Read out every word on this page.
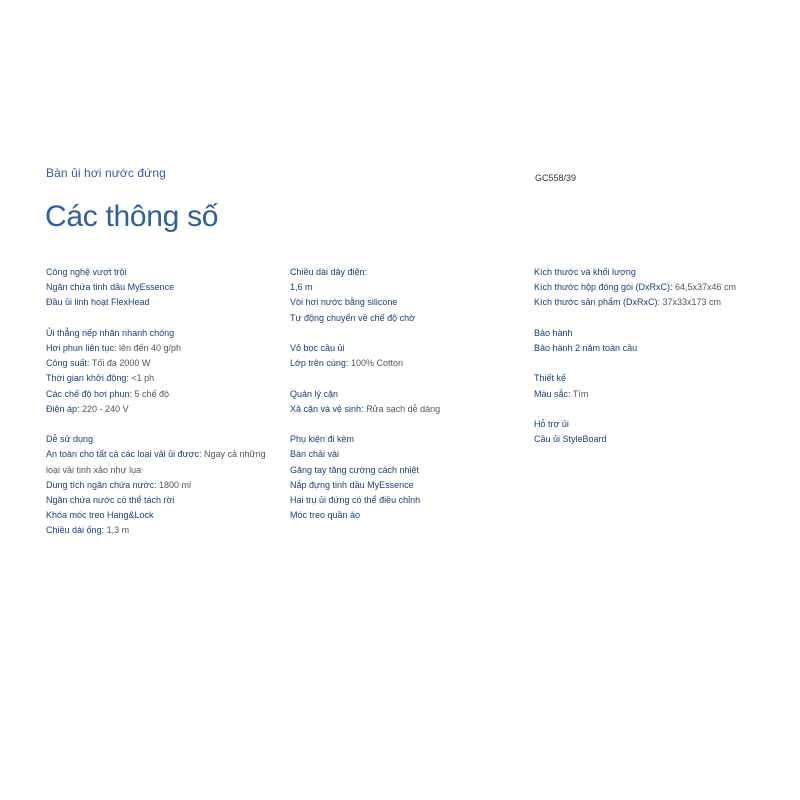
Bàn ủi hơi nước đứng	GC558/39
Các thông số
Công nghệ vượt trội
Ngăn chứa tinh dầu MyEssence
Đầu ủi linh hoạt FlexHead
Ủi thẳng nếp nhăn nhanh chóng
Hơi phun liên tục: lên đến 40 g/ph
Công suất: Tối đa 2000 W
Thời gian khởi động: <1 ph
Các chế độ hơi phun: 5 chế độ
Điện áp: 220 - 240 V
Dễ sử dụng
An toàn cho tất cả các loại vải ủi được: Ngay cả những loại vải tinh xảo như lụa
Dung tích ngăn chứa nước: 1800 ml
Ngăn chứa nước có thể tách rời
Khóa móc treo Hang&Lock
Chiều dài ống: 1,3 m
Chiều dài dây điện:
1,6 m
Vòi hơi nước bằng silicone
Tự động chuyển về chế độ chờ
Vỏ bọc cầu ủi
Lớp trên cùng: 100% Cotton
Quản lý cặn
Xả cặn và vệ sinh: Rửa sạch dễ dàng
Phụ kiện đi kèm
Bàn chải vải
Găng tay tăng cường cách nhiệt
Nắp đựng tinh dầu MyEssence
Hai trụ ủi đứng có thể điều chỉnh
Móc treo quần áo
Kích thước và khối lượng
Kích thước hộp đóng gói (DxRxC): 64,5x37x46 cm
Kích thước sản phẩm (DxRxC): 37x33x173 cm
Bảo hành
Bảo hành 2 năm toàn cầu
Thiết kế
Màu sắc: Tím
Hỗ trợ ủi
Cầu ủi StyleBoard
